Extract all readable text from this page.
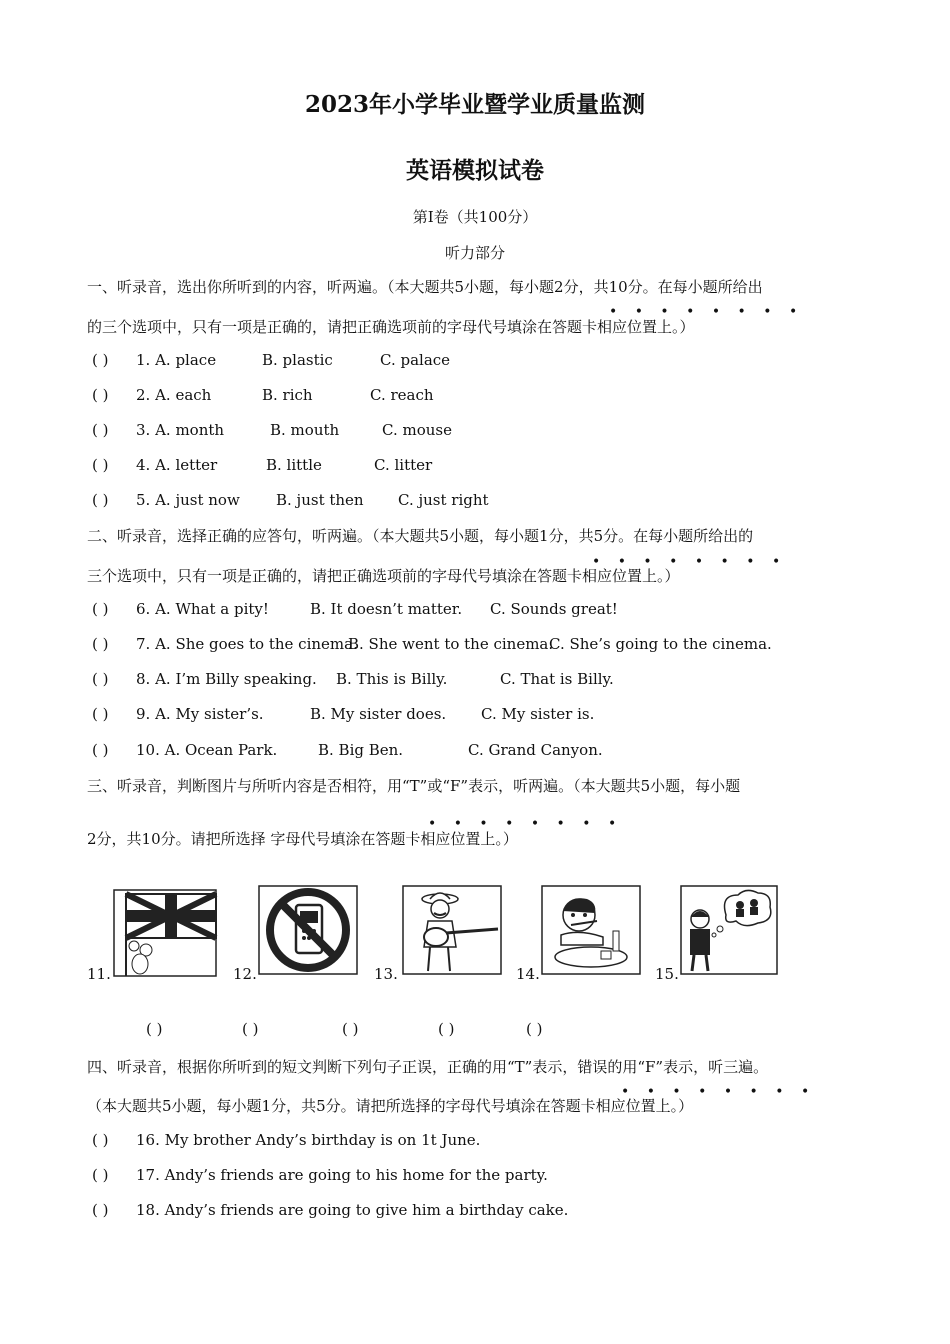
2023年小学毕业暨学业质量监测
英语模拟试卷
第I卷（共100分）
听力部分
一、听录音，选出你所听到的内容，听两遍。（本大题共5小题，每小题2分，共10分。在每小题所给出
• • • • • • • •
的三个选项中，只有一项是正确的，请把正确选项前的字母代号填涂在答题卡相应位置上。）
( ) 1. A. place	B. plastic	C. palace
( ) 2. A. each	B. rich	C. reach
( ) 3. A. month	B. mouth	C. mouse
( ) 4. A. letter	B. little	C. litter
( ) 5. A. just now B. just then C. just right
二、听录音，选择正确的应答句，听两遍。（本大题共5小题，每小题1分，共5分。在每小题所给出的
• • • • • • • •
三个选项中，只有一项是正确的，请把正确选项前的字母代号填涂在答题卡相应位置上。）
( ) 6. A. What a pity!	B. It doesn’t matter. C. Sounds great!
( ) 7. A. She goes to the cinema.
B. She went to the cinema.
C. She’s going to the cinema.
( ) 8. A. I’m Billy speaking. B. This is Billy.	C. That is Billy.
( ) 9. A. My sister’s.	B. My sister does. C. My sister is.
( ) 10. A. Ocean Park.	B. Big Ben.	C. Grand Canyon.
三、听录音，判断图片与所听内容是否相符，用“T”或“F”表示，听两遍。（本大题共5小题，每小题
• • • • • • • •
2分，共10分。请把所选择 字母代号填涂在答题卡相应位置上。）
11.	12.	13.	14.	15.
( )	( )	( )	( )	( )
四、听录音，根据你所听到的短文判断下列句子正误，正确的用“T”表示，错误的用“F”表示，听三遍。
• • • • • • • •
（本大题共5小题，每小题1分，共5分。请把所选择的字母代号填涂在答题卡相应位置上。）
( ) 16. My brother Andy’s birthday is on 1t June.
( ) 17. Andy’s friends are going to his home for the party.
( ) 18. Andy’s friends are going to give him a birthday cake.
